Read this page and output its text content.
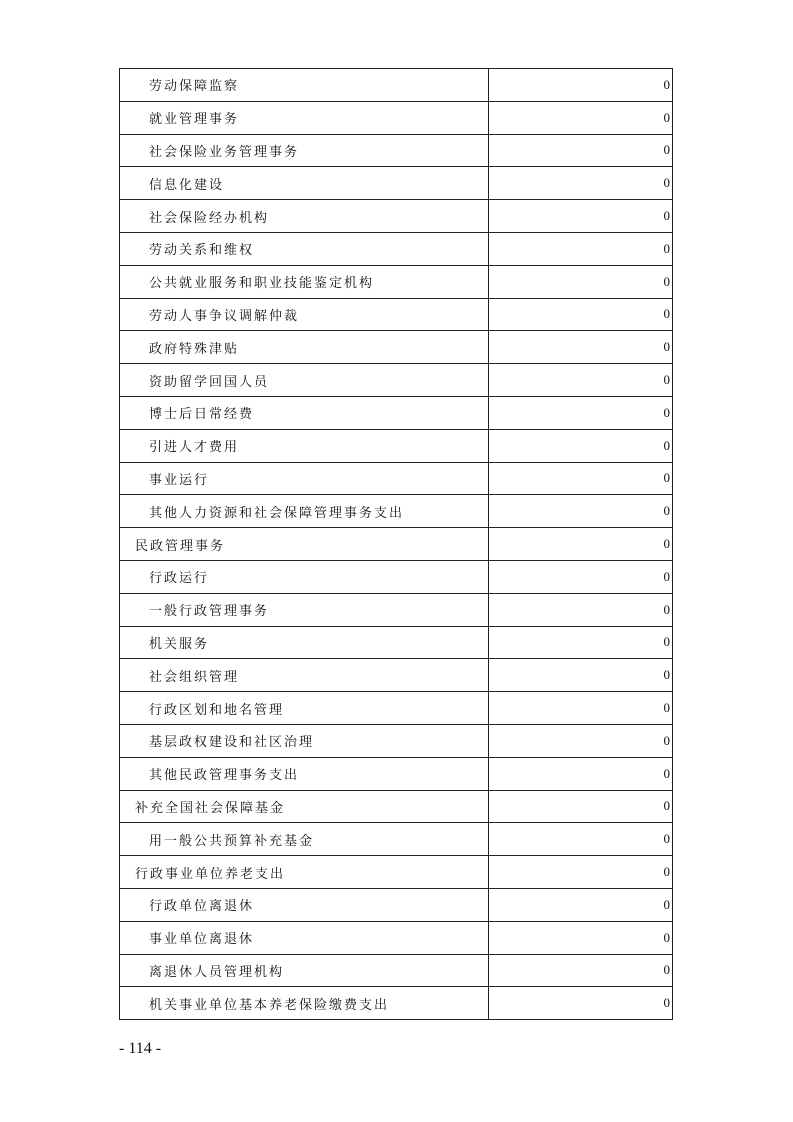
劳动保障监察	0
就业管理事务	0
社会保险业务管理事务	0
信息化建设	0
社会保险经办机构	0
劳动关系和维权	0
公共就业服务和职业技能鉴定机构	0
劳动人事争议调解仲裁	0
政府特殊津贴	0
资助留学回国人员	0
博士后日常经费	0
引进人才费用	0
事业运行	0
其他人力资源和社会保障管理事务支出	0
民政管理事务	0
行政运行	0
一般行政管理事务	0
机关服务	0
社会组织管理	0
行政区划和地名管理	0
基层政权建设和社区治理	0
其他民政管理事务支出	0
补充全国社会保障基金	0
用一般公共预算补充基金	0
行政事业单位养老支出	0
行政单位离退休	0
事业单位离退休	0
离退休人员管理机构	0
机关事业单位基本养老保险缴费支出	0
- 114 -
